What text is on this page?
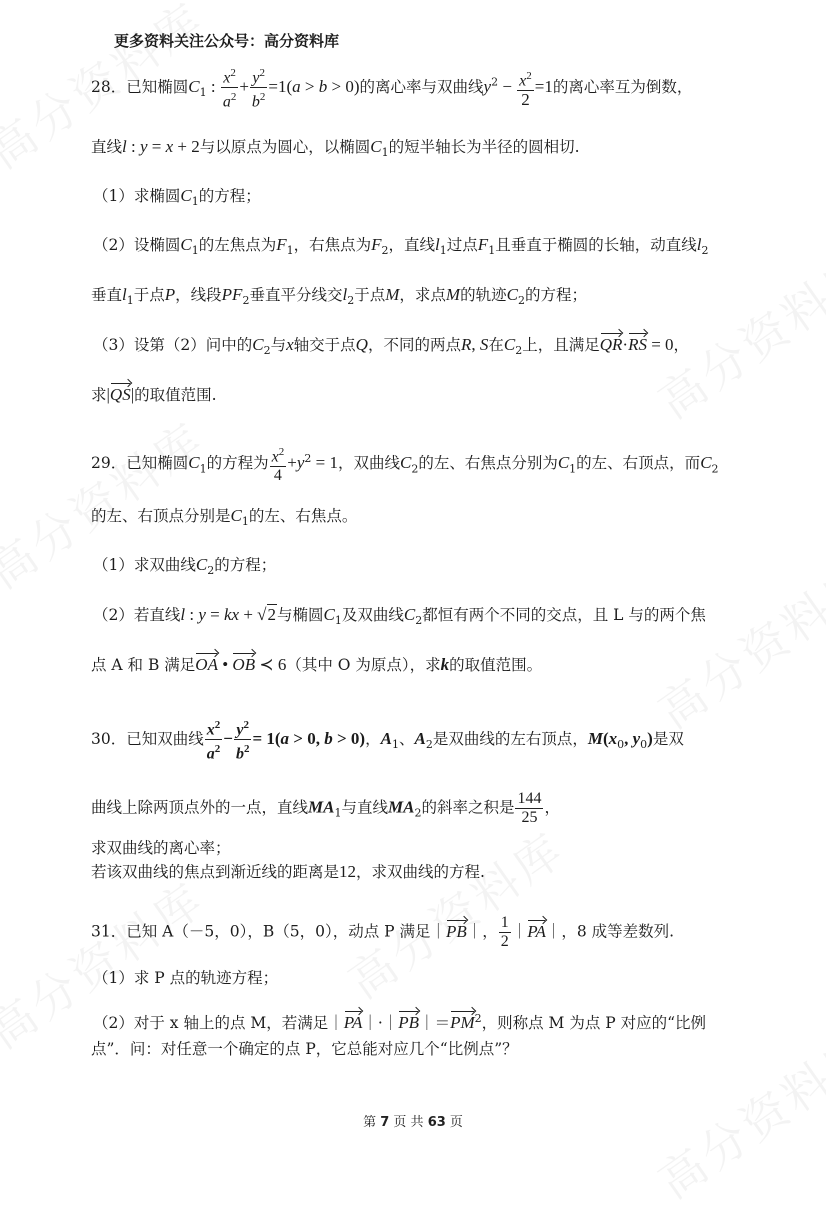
更多资料关注公众号：高分资料库
28．已知椭圆$C_1$ : $\frac{x^2}{a^2} + \frac{y^2}{b^2} =1(a > b > 0)$的离心率与双曲线$y^2 - \frac{x^2}{2} =1$的离心率互为倒数，
直线l : y = x + 2与以原点为圆心，以椭圆$C_1$的短半轴长为半径的圆相切.
（1）求椭圆$C_1$的方程；
（2）设椭圆$C_1$的左焦点为$F_1$，右焦点为$F_2$，直线$l_1$过点$F_1$且垂直于椭圆的长轴，动直线$l_2$
垂直$l_1$于点P，线段$PF_2$垂直平分线交$l_2$于点M，求点M的轨迹$C_2$的方程；
（3）设第（2）问中的$C_2$与x轴交于点Q，不同的两点R, S在$C_2$上，且满足QR·RS = 0，
求|QS|的取值范围.
29．已知椭圆$C_1$的方程为 $\frac{x^2}{4} +y^2 = 1$，双曲线$C_2$的左、右焦点分别为$C_1$的左、右顶点，而$C_2$
的左、右顶点分别是$C_1$的左、右焦点。
（1）求双曲线$C_2$的方程；
（2）若直线l : y = kx + √2与椭圆$C_1$及双曲线$C_2$都恒有两个不同的交点，且 L 与的两个焦
点 A 和 B 满足OA • OB ≺ 6（其中 O 为原点），求k的取值范围。
30．已知双曲线 $\frac{x^2}{a^2} - \frac{y^2}{b^2} = 1(a > 0$, b > 0)，$A_1$、$A_2$是双曲线的左右顶点，$M(x_0$, $y_0$)是双
曲线上除两顶点外的一点，直线$MA_1$与直线$MA_2$的斜率之积是 $\frac{144}{25}$ ，
求双曲线的离心率；
若该双曲线的焦点到渐近线的距离是12，求双曲线的方程.
31．已知 A（－5，0），B（5，0），动点 P 满足｜PB｜， $\frac{1}{2}$ ｜PA｜，8 成等差数列.
（1）求 P 点的轨迹方程；
（2）对于 x 轴上的点 M，若满足$|PA|\cdot|PB|=PM^2$，则称点 M 为点 P 对应的“比例
点”．问：对任意一个确定的点 P，它总能对应几个“比例点”？
第 7 页 共 63 页
